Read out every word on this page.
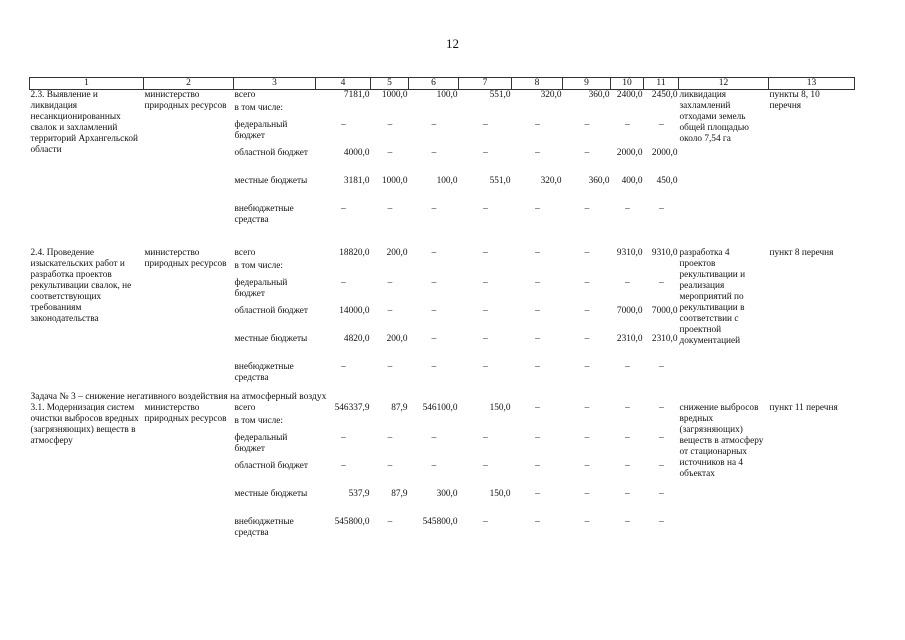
12
1	2	3	4	5	6	7	8	9	10	11	12	13
2.3. Выявление и ликвидация несанкционированных свалок и захламлений территорий Архангельской области	министерство природных ресурсов	всего	7181,0	1000,0	100,0	551,0	320,0	360,0	2400,0	2450,0	ликвидация захламлений отходами земель общей площадью около 7,54 га	пункты 8, 10 перечня
		в том числе:										
		федеральный бюджет	–	–	–	–	–	–	–	–		
		областной бюджет	4000,0	–	–	–	–	–	2000,0	2000,0		
		местные бюджеты	3181,0	1000,0	100,0	551,0	320,0	360,0	400,0	450,0		
		внебюджетные средства	–	–	–	–	–	–	–	–		

2.4. Проведение изыскательских работ и разработка проектов рекультивации свалок, не соответствующих требованиям законодательства	министерство природных ресурсов	всего	18820,0	200,0	–	–	–	–	9310,0	9310,0	разработка 4 проектов рекультивации и реализация мероприятий по рекультивации в соответствии с проектной документацией	пункт 8 перечня
		в том числе:										
		федеральный бюджет	–	–	–	–	–	–	–	–		
		областной бюджет	14000,0	–	–	–	–	–	7000,0	7000,0		
		местные бюджеты	4820,0	200,0	–	–	–	–	2310,0	2310,0		
		внебюджетные средства	–	–	–	–	–	–	–	–		
Задача № 3 – снижение негативного воздействия на атмосферный воздух												
3.1. Модернизация систем очистки выбросов вредных (загрязняющих) веществ в атмосферу	министерство природных ресурсов	всего	546337,9	87,9	546100,0	150,0	–	–	–	–	снижение выбросов вредных (загрязняющих) веществ в атмосферу от стационарных источников на 4 объектах	пункт 11 перечня
		в том числе:										
		федеральный бюджет	–	–	–	–	–	–	–	–		
		областной бюджет	–	–	–	–	–	–	–	–		
		местные бюджеты	537,9	87,9	300,0	150,0	–	–	–	–		
		внебюджетные средства	545800,0	–	545800,0	–	–	–	–	–		
